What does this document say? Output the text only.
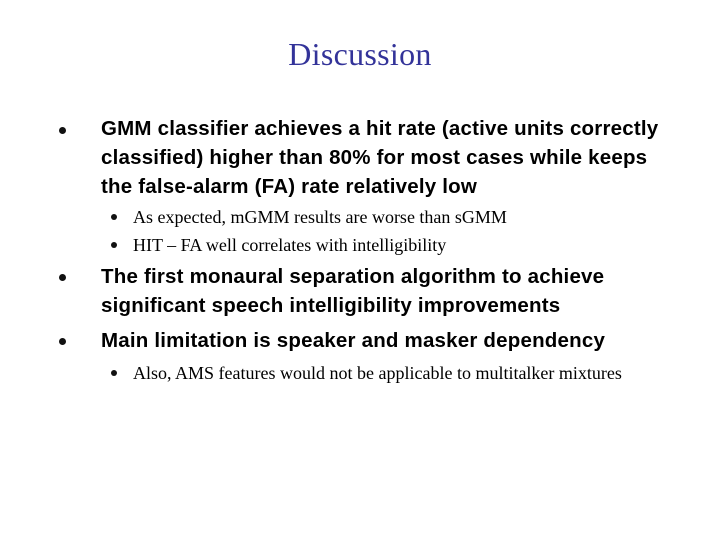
Discussion
GMM classifier achieves a hit rate (active units correctly
classified) higher than 80% for most cases while keeps
the false-alarm (FA) rate relatively low
As expected, mGMM results are worse than sGMM
HIT – FA well correlates with intelligibility
The first monaural separation algorithm to achieve
significant speech intelligibility improvements
Main limitation is speaker and masker dependency
Also, AMS features would not be applicable to multitalker mixtures
